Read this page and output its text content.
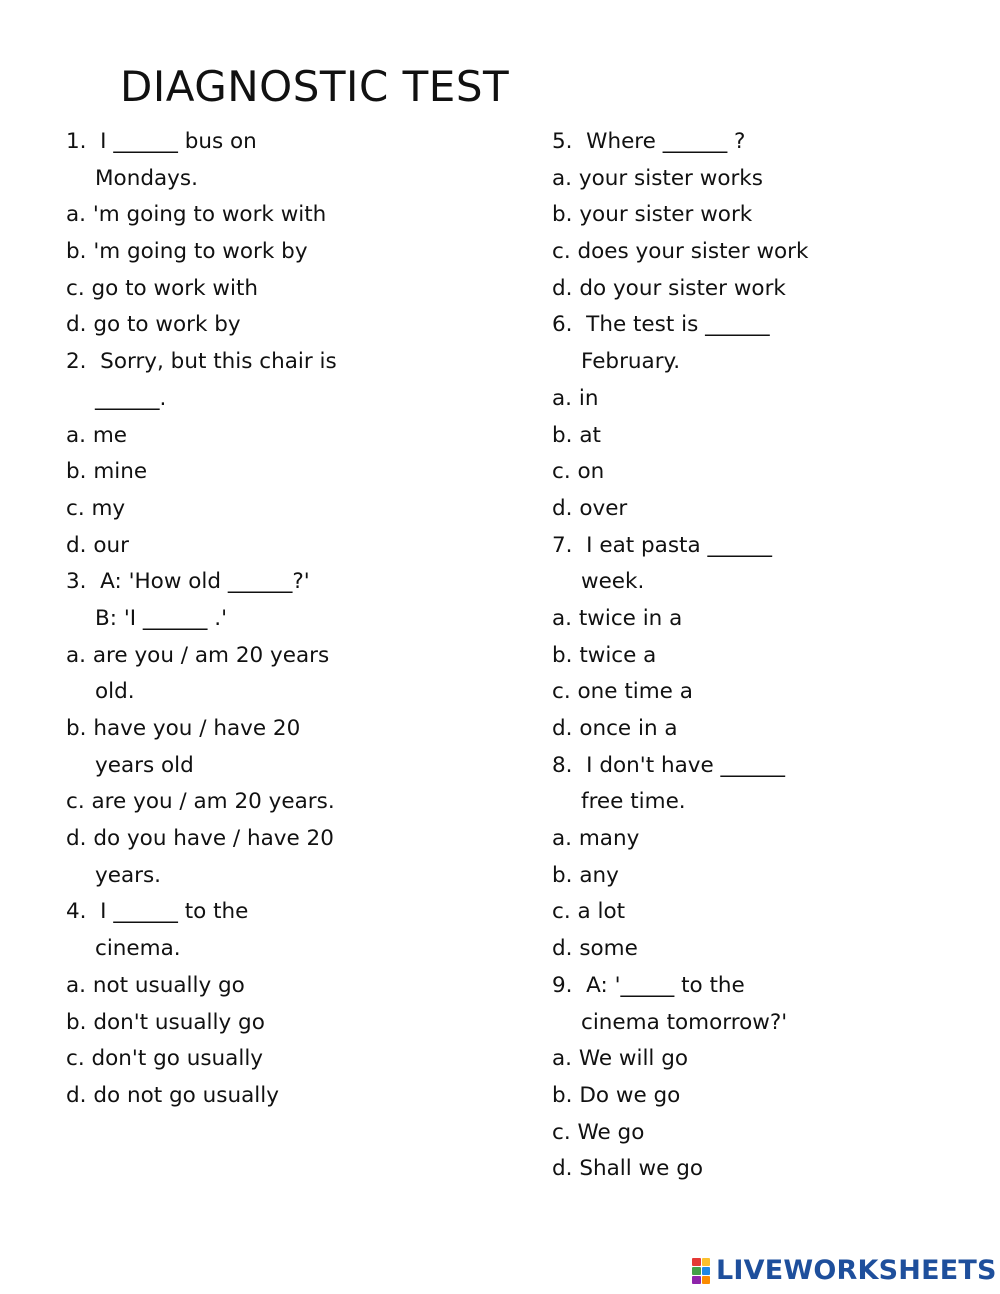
DIAGNOSTIC TEST
1.  I ______ bus on
Mondays.
a. 'm going to work with
b. 'm going to work by
c. go to work with
d. go to work by
2.  Sorry, but this chair is
______.
a. me
b. mine
c. my
d. our
3.  A: 'How old ______?'
B: 'I ______ .'
a. are you / am 20 years
old.
b. have you / have 20
years old
c. are you / am 20 years.
d. do you have / have 20
years.
4.  I ______ to the
cinema.
a. not usually go
b. don't usually go
c. don't go usually
d. do not go usually
5.  Where ______ ?
a. your sister works
b. your sister work
c. does your sister work
d. do your sister work
6.  The test is ______
February.
a. in
b. at
c. on
d. over
7.  I eat pasta ______
week.
a. twice in a
b. twice a
c. one time a
d. once in a
8.  I don't have ______
free time.
a. many
b. any
c. a lot
d. some
9.  A: '_____ to the
cinema tomorrow?'
a. We will go
b. Do we go
c. We go
d. Shall we go
LIVEWORKSHEETS
